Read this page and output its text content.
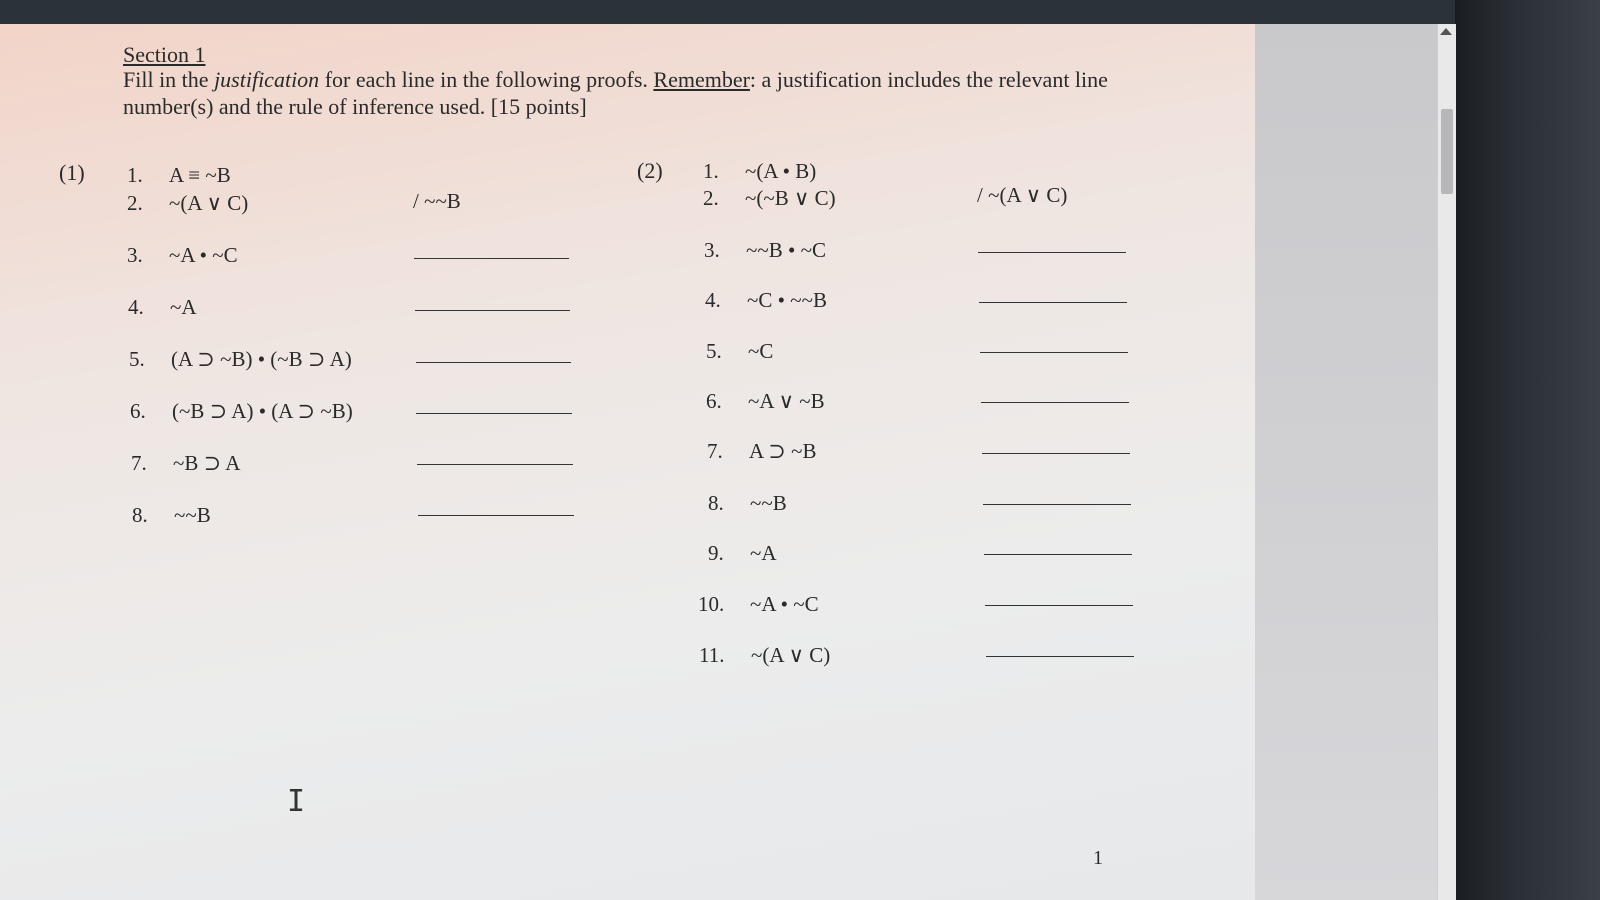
Section 1
Fill in the justification for each line in the following proofs. Remember: a justification includes the relevant line number(s) and the rule of inference used. [15 points]
(1)
/ ~~B
1. A ≡ ~B
2. ~(A ∨ C)
3. ~A • ~C
4. ~A
5. (A ⊃ ~B) • (~B ⊃ A)
6. (~B ⊃ A) • (A ⊃ ~B)
7. ~B ⊃ A
8. ~~B
(2)
/ ~(A ∨ C)
1. ~(A • B)
2. ~(~B ∨ C)
3. ~~B • ~C
4. ~C • ~~B
5. ~C
6. ~A ∨ ~B
7. A ⊃ ~B
8. ~~B
9. ~A
10. ~A • ~C
11. ~(A ∨ C)
I
1
